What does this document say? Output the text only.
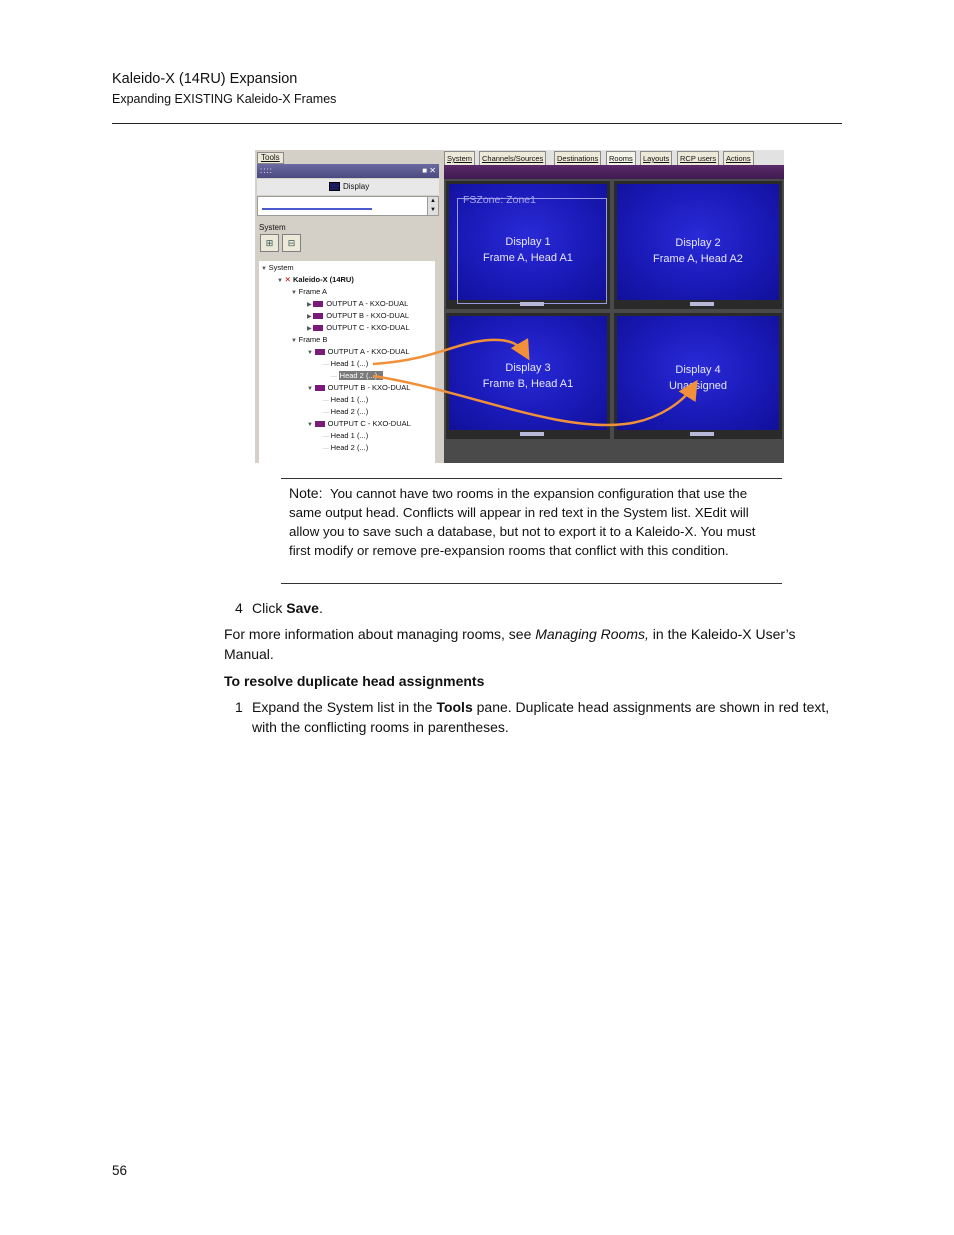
Kaleido-X (14RU) Expansion
Expanding EXISTING Kaleido-X Frames
Tools
::::	■ ✕
Display
▲
▼
System
⊞	⊟
▼ System
▼ ✕ Kaleido-X (14RU)
▼ Frame A
▶ OUTPUT A - KXO-DUAL
▶ OUTPUT B - KXO-DUAL
▶ OUTPUT C - KXO-DUAL
▼ Frame B
▼ OUTPUT A - KXO-DUAL
··· Head 1 (...)
··· Head 2 (...)
▼ OUTPUT B - KXO-DUAL
··· Head 1 (...)
··· Head 2 (...)
▼ OUTPUT C - KXO-DUAL
··· Head 1 (...)
··· Head 2 (...)
System	Channels/Sources	Destinations	Rooms	Layouts	RCP users	Actions
FSZone: Zone1
Display 1
Frame A, Head A1
Display 2
Frame A, Head A2
Display 3
Frame B, Head A1
Display 4
Unassigned
Note: You cannot have two rooms in the expansion configuration that use the same output head. Conflicts will appear in red text in the System list. XEdit will allow you to save such a database, but not to export it to a Kaleido-X. You must first modify or remove pre-expansion rooms that conflict with this condition.
4 Click Save.
For more information about managing rooms, see Managing Rooms, in the Kaleido-X User’s Manual.
To resolve duplicate head assignments
1 Expand the System list in the Tools pane. Duplicate head assignments are shown in red text, with the conflicting rooms in parentheses.
56
